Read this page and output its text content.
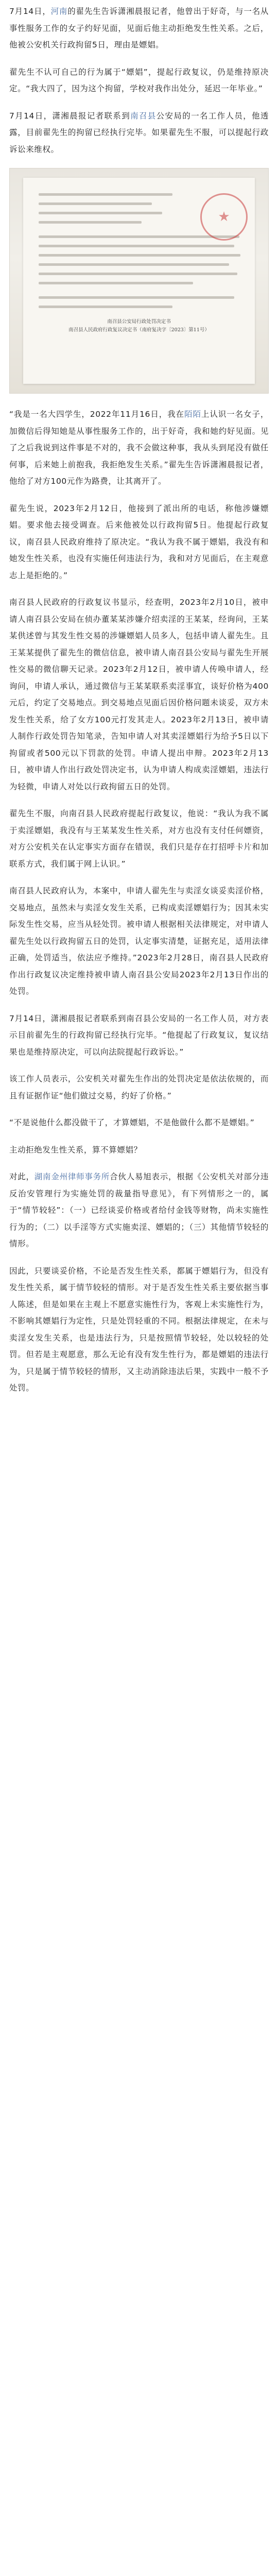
7月14日，河南的翟先生告诉潇湘晨报记者，他曾出于好奇，与一名从事性服务工作的女子约好见面，见面后他主动拒绝发生性关系。之后，他被公安机关行政拘留5日，理由是嫖娼。

翟先生不认可自己的行为属于“嫖娼”，提起行政复议，仍是维持原决定。“我大四了，因为这个拘留，学校对我作出处分，延迟一年毕业。”

7月14日，潇湘晨报记者联系到南召县公安局的一名工作人员，他透露，目前翟先生的拘留已经执行完毕。如果翟先生不服，可以提起行政诉讼来维权。

★
南召县公安局行政处罚决定书
南召县人民政府行政复议决定书（南府复决字〔2023〕第11号）

“我是一名大四学生，2022年11月16日，我在陌陌上认识一名女子，加微信后得知她是从事性服务工作的，出于好奇，我和她约好见面。见了之后我说到这件事是不对的，我不会做这种事，我从头到尾没有做任何事，后来她上前抱我，我拒绝发生关系。”翟先生告诉潇湘晨报记者，他给了对方100元作为路费，让其离开了。

翟先生说，2023年2月12日，他接到了派出所的电话，称他涉嫌嫖娼。要求他去接受调查。后来他被处以行政拘留5日。他提起行政复议，南召县人民政府维持了原决定。“我认为我不属于嫖娼，我没有和她发生性关系，也没有实施任何违法行为，我和对方见面后，在主观意志上是拒绝的。”

南召县人民政府的行政复议书显示，经查明，2023年2月10日，被申请人南召县公安局在侦办董某某涉嫌介绍卖淫的王某某，经询问，王某某供述曾与其发生性交易的涉嫌嫖娼人员多人，包括申请人翟先生。且王某某提供了翟先生的微信信息，被申请人南召县公安局与翟先生开展性交易的微信聊天记录。2023年2月12日，被申请人传唤申请人，经询问，申请人承认，通过微信与王某某联系卖淫事宜，谈好价格为400元后，约定了交易地点。到交易地点见面后因价格问题未谈妥，双方未发生性关系，给了女方100元打发其走人。2023年2月13日，被申请人制作行政处罚告知笔录，告知申请人对其卖淫嫖娼行为给予5日以下拘留或者500元以下罚款的处罚。申请人提出申辩。2023年2月13日，被申请人作出行政处罚决定书，认为申请人构成卖淫嫖娼，违法行为轻微，申请人对处以行政拘留五日的处罚。

翟先生不服，向南召县人民政府提起行政复议，他说：“我认为我不属于卖淫嫖娼，我没有与王某某发生性关系，对方也没有支付任何嫖资，对方公安机关在认定事实方面存在错误，我们只是存在打招呼卡片和加联系方式，我们属于网上认识。”

南召县人民政府认为，本案中，申请人翟先生与卖淫女谈妥卖淫价格，交易地点，虽然未与卖淫女发生关系，已构成卖淫嫖娼行为；因其未实际发生性交易，应当从轻处罚。被申请人根据相关法律规定，对申请人翟先生处以行政拘留五日的处罚，认定事实清楚，证据充足，适用法律正确，处罚适当，依法应予维持。”2023年2月28日，南召县人民政府作出行政复议决定维持被申请人南召县公安局2023年2月13日作出的处罚。

7月14日，潇湘晨报记者联系到南召县公安局的一名工作人员，对方表示目前翟先生的行政拘留已经执行完毕。“他提起了行政复议，复议结果也是维持原决定，可以向法院提起行政诉讼。”

该工作人员表示，公安机关对翟先生作出的处罚决定是依法依规的，而且有证据作证“他们做过交易，约好了价格。”

“不是说他什么都没做干了，才算嫖娼，不是他做什么都不是嫖娼。”

主动拒绝发生性关系，算不算嫖娼？

对此，湖南金州律师事务所合伙人易旭表示，根据《公安机关对部分违反治安管理行为实施处罚的裁量指导意见》，有下列情形之一的，属于“情节较轻”：（一）已经谈妥价格或者给付金钱等财物，尚未实施性行为的；（二）以手淫等方式实施卖淫、嫖娼的；（三）其他情节较轻的情形。

因此，只要谈妥价格，不论是否发生性关系，都属于嫖娼行为，但没有发生性关系，属于情节较轻的情形。对于是否发生性关系主要依据当事人陈述，但是如果在主观上不愿意实施性行为，客观上未实施性行为，不影响其嫖娼行为定性，只是处罚轻重的不同。根据法律规定，在未与卖淫女发生关系，也是违法行为，只是按照情节较轻，处以较轻的处罚。但若是主观愿意，那么无论有没有发生性行为，都是嫖娼的违法行为，只是属于情节较轻的情形，又主动消除违法后果，实践中一般不予处罚。
